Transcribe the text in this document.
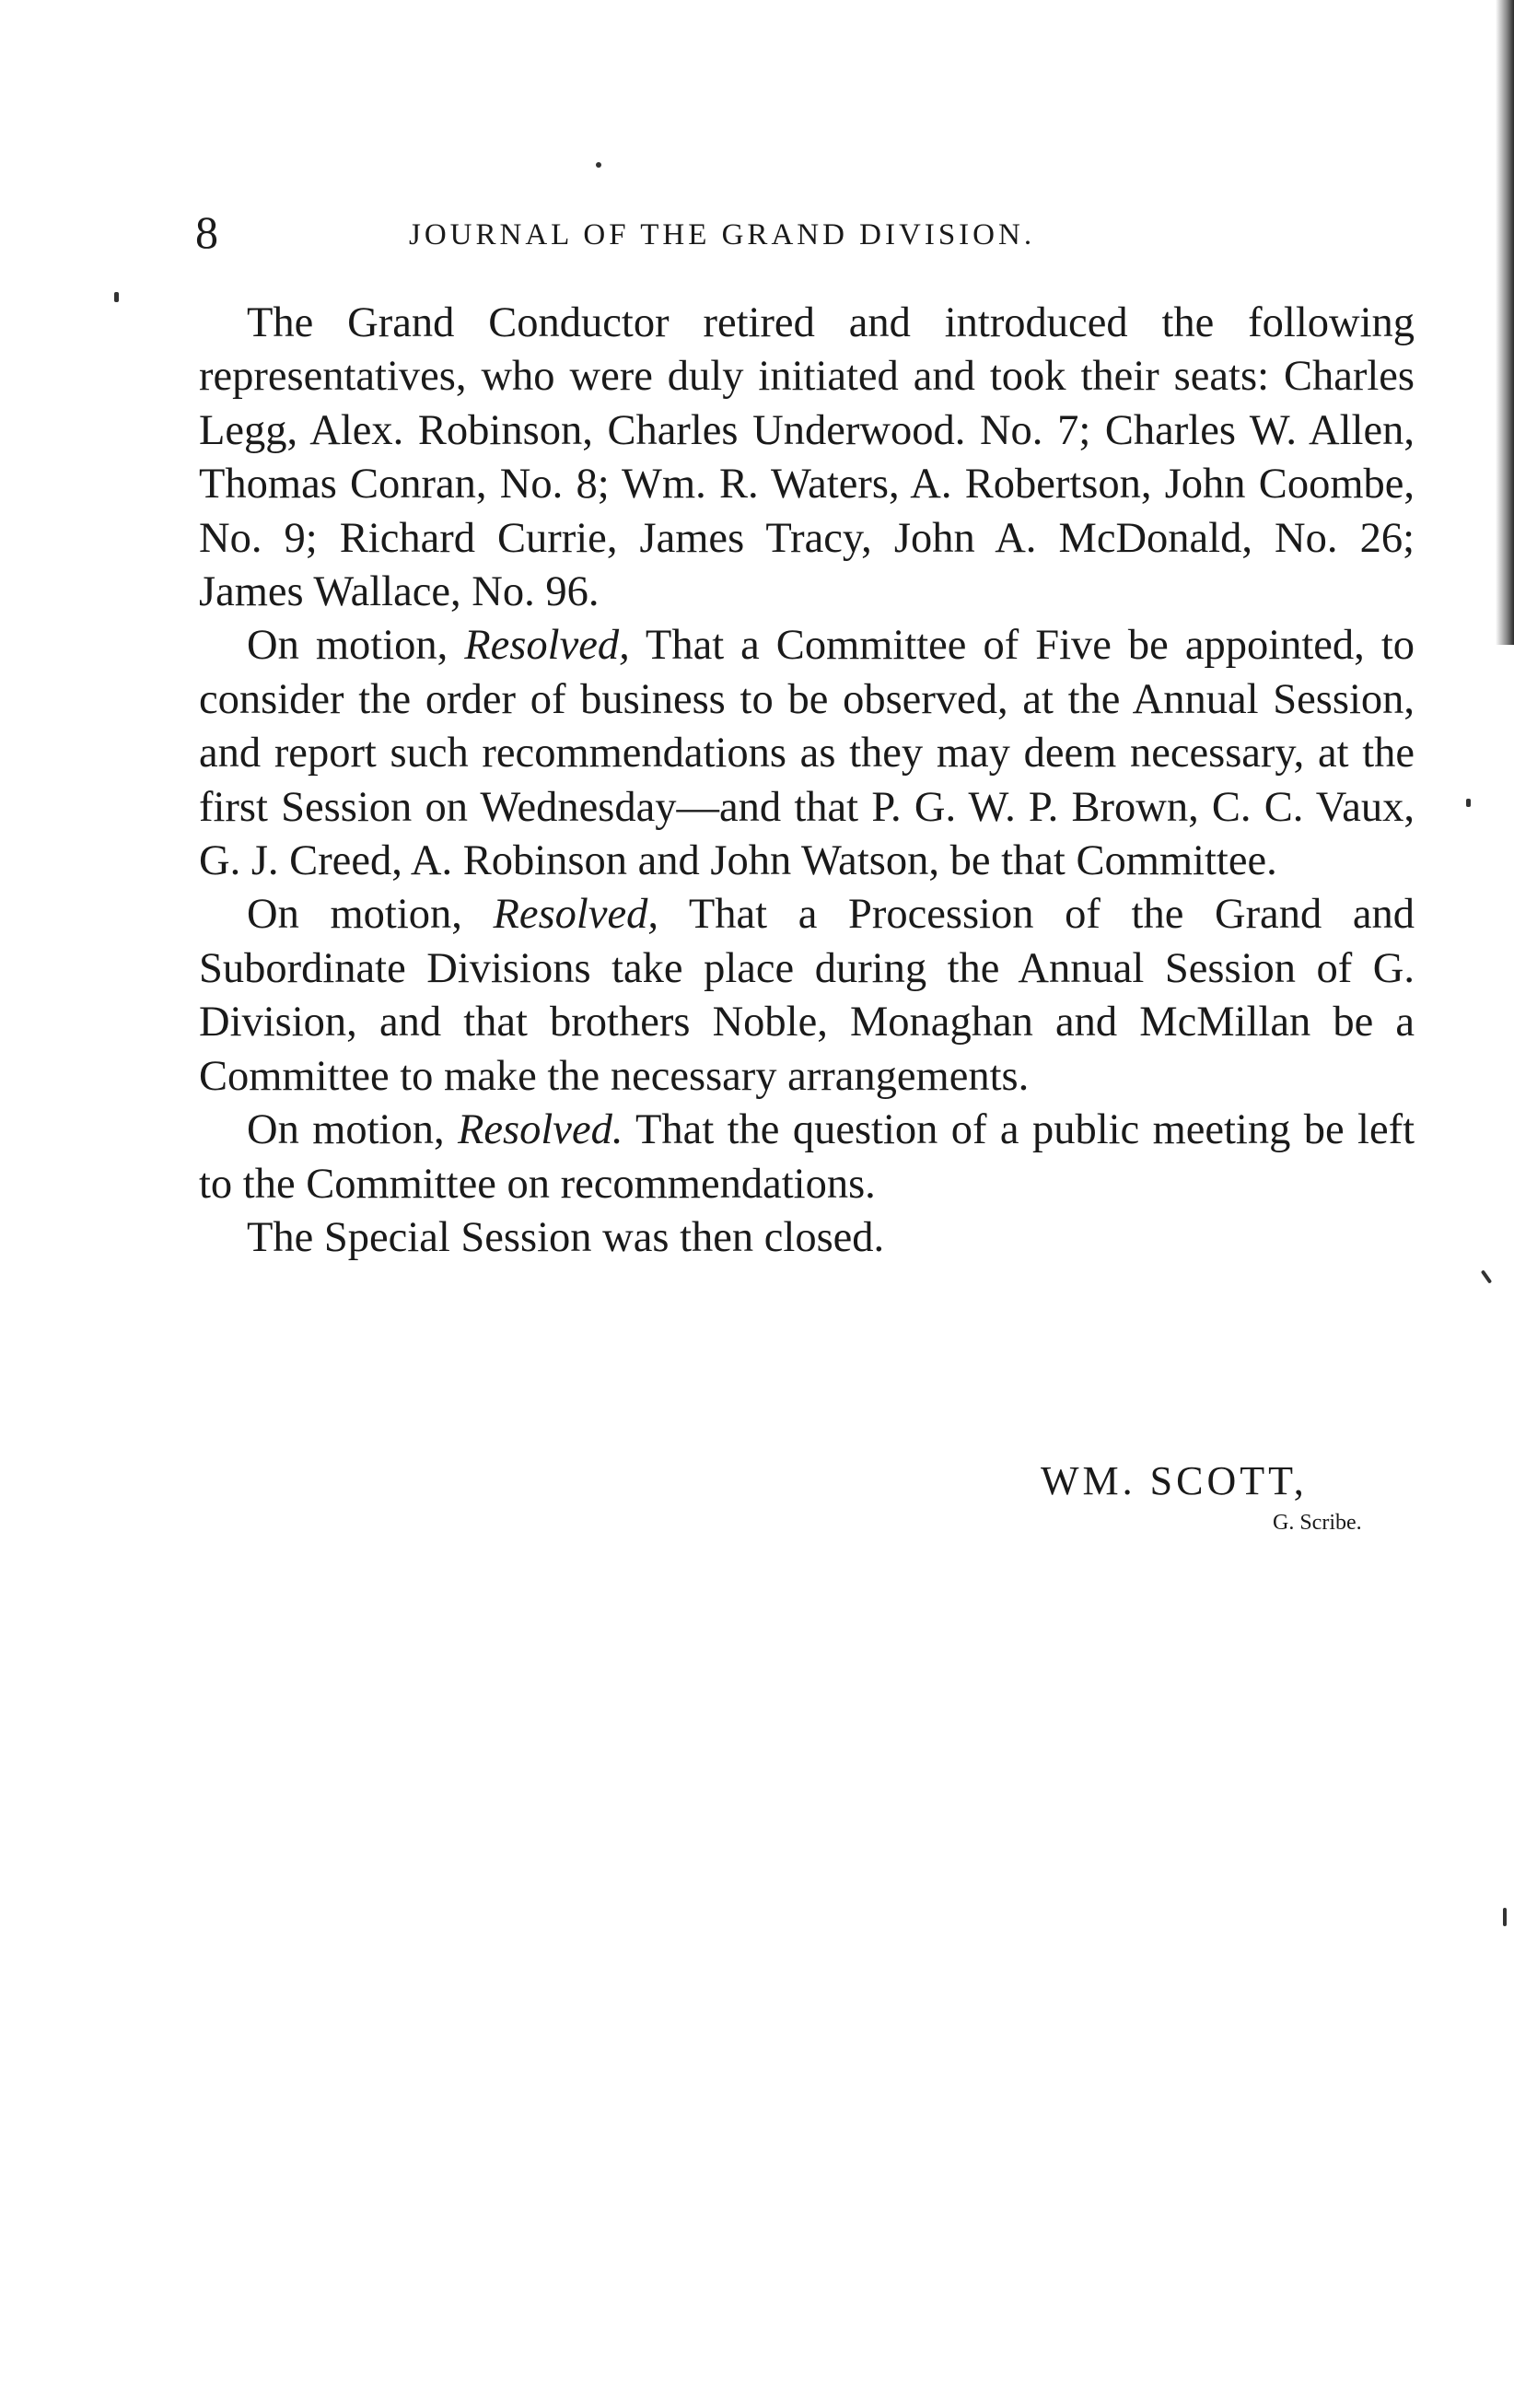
8	JOURNAL OF THE GRAND DIVISION.

The Grand Conductor retired and introduced the following representatives, who were duly initiated and took their seats: Charles Legg, Alex. Robinson, Charles Underwood. No. 7; Charles W. Allen, Thomas Conran, No. 8; Wm. R. Waters, A. Robertson, John Coombe, No. 9; Richard Currie, James Tracy, John A. McDonald, No. 26; James Wallace, No. 96.

On motion, Resolved, That a Committee of Five be appointed, to consider the order of business to be observed, at the Annual Session, and report such recommendations as they may deem necessary, at the first Session on Wednesday—and that P. G. W. P. Brown, C. C. Vaux, G. J. Creed, A. Robinson and John Watson, be that Committee.

On motion, Resolved, That a Procession of the Grand and Subordinate Divisions take place during the Annual Session of G. Division, and that brothers Noble, Monaghan and McMillan be a Committee to make the necessary arrangements.

On motion, Resolved. That the question of a public meeting be left to the Committee on recommendations.

The Special Session was then closed.

WM. SCOTT,
G. Scribe.
